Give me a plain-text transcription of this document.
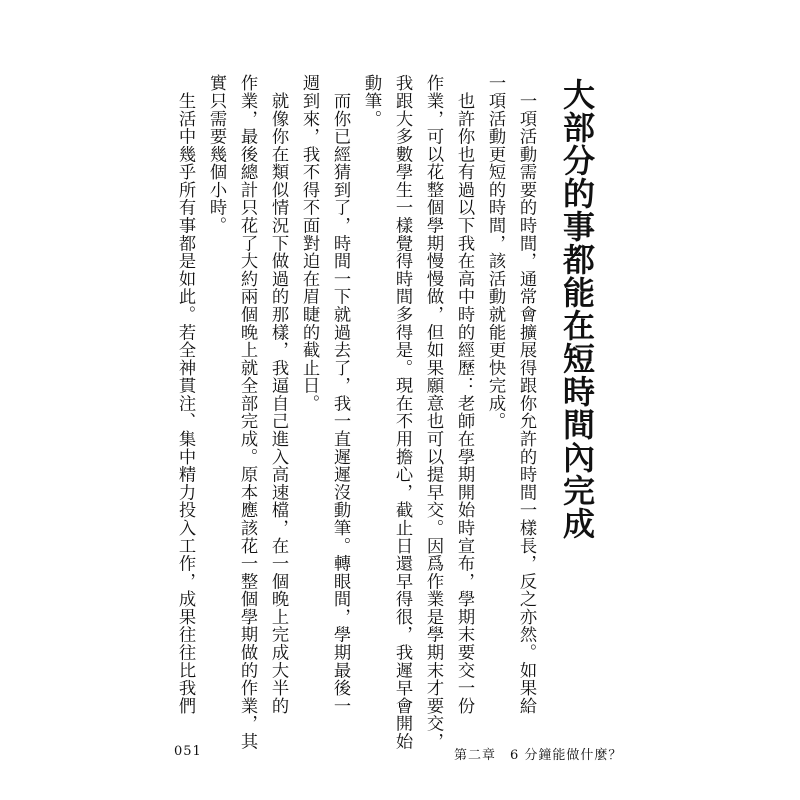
大部分的事都能在短時間內完成
　一項活動需要的時間，通常會擴展得跟你允許的時間一樣長，反之亦然。如果給
一項活動更短的時間，該活動就能更快完成。
　也許你也有過以下我在高中時的經歷：老師在學期開始時宣布，學期末要交一份
作業，可以花整個學期慢慢做，但如果願意也可以提早交。因爲作業是學期末才要交，
我跟大多數學生一樣覺得時間多得是。現在不用擔心，截止日還早得很，我遲早會開始
動筆。
　而你已經猜到了，時間一下就過去了，我一直遲遲沒動筆。轉眼間，學期最後一
週到來，我不得不面對迫在眉睫的截止日。
　就像你在類似情況下做過的那樣，我逼自己進入高速檔，在一個晚上完成大半的
作業，最後總計只花了大約兩個晚上就全部完成。原本應該花一整個學期做的作業，其
實只需要幾個小時。
　生活中幾乎所有事都是如此。若全神貫注、集中精力投入工作，成果往往比我們
051	第二章　6 分鐘能做什麼？
